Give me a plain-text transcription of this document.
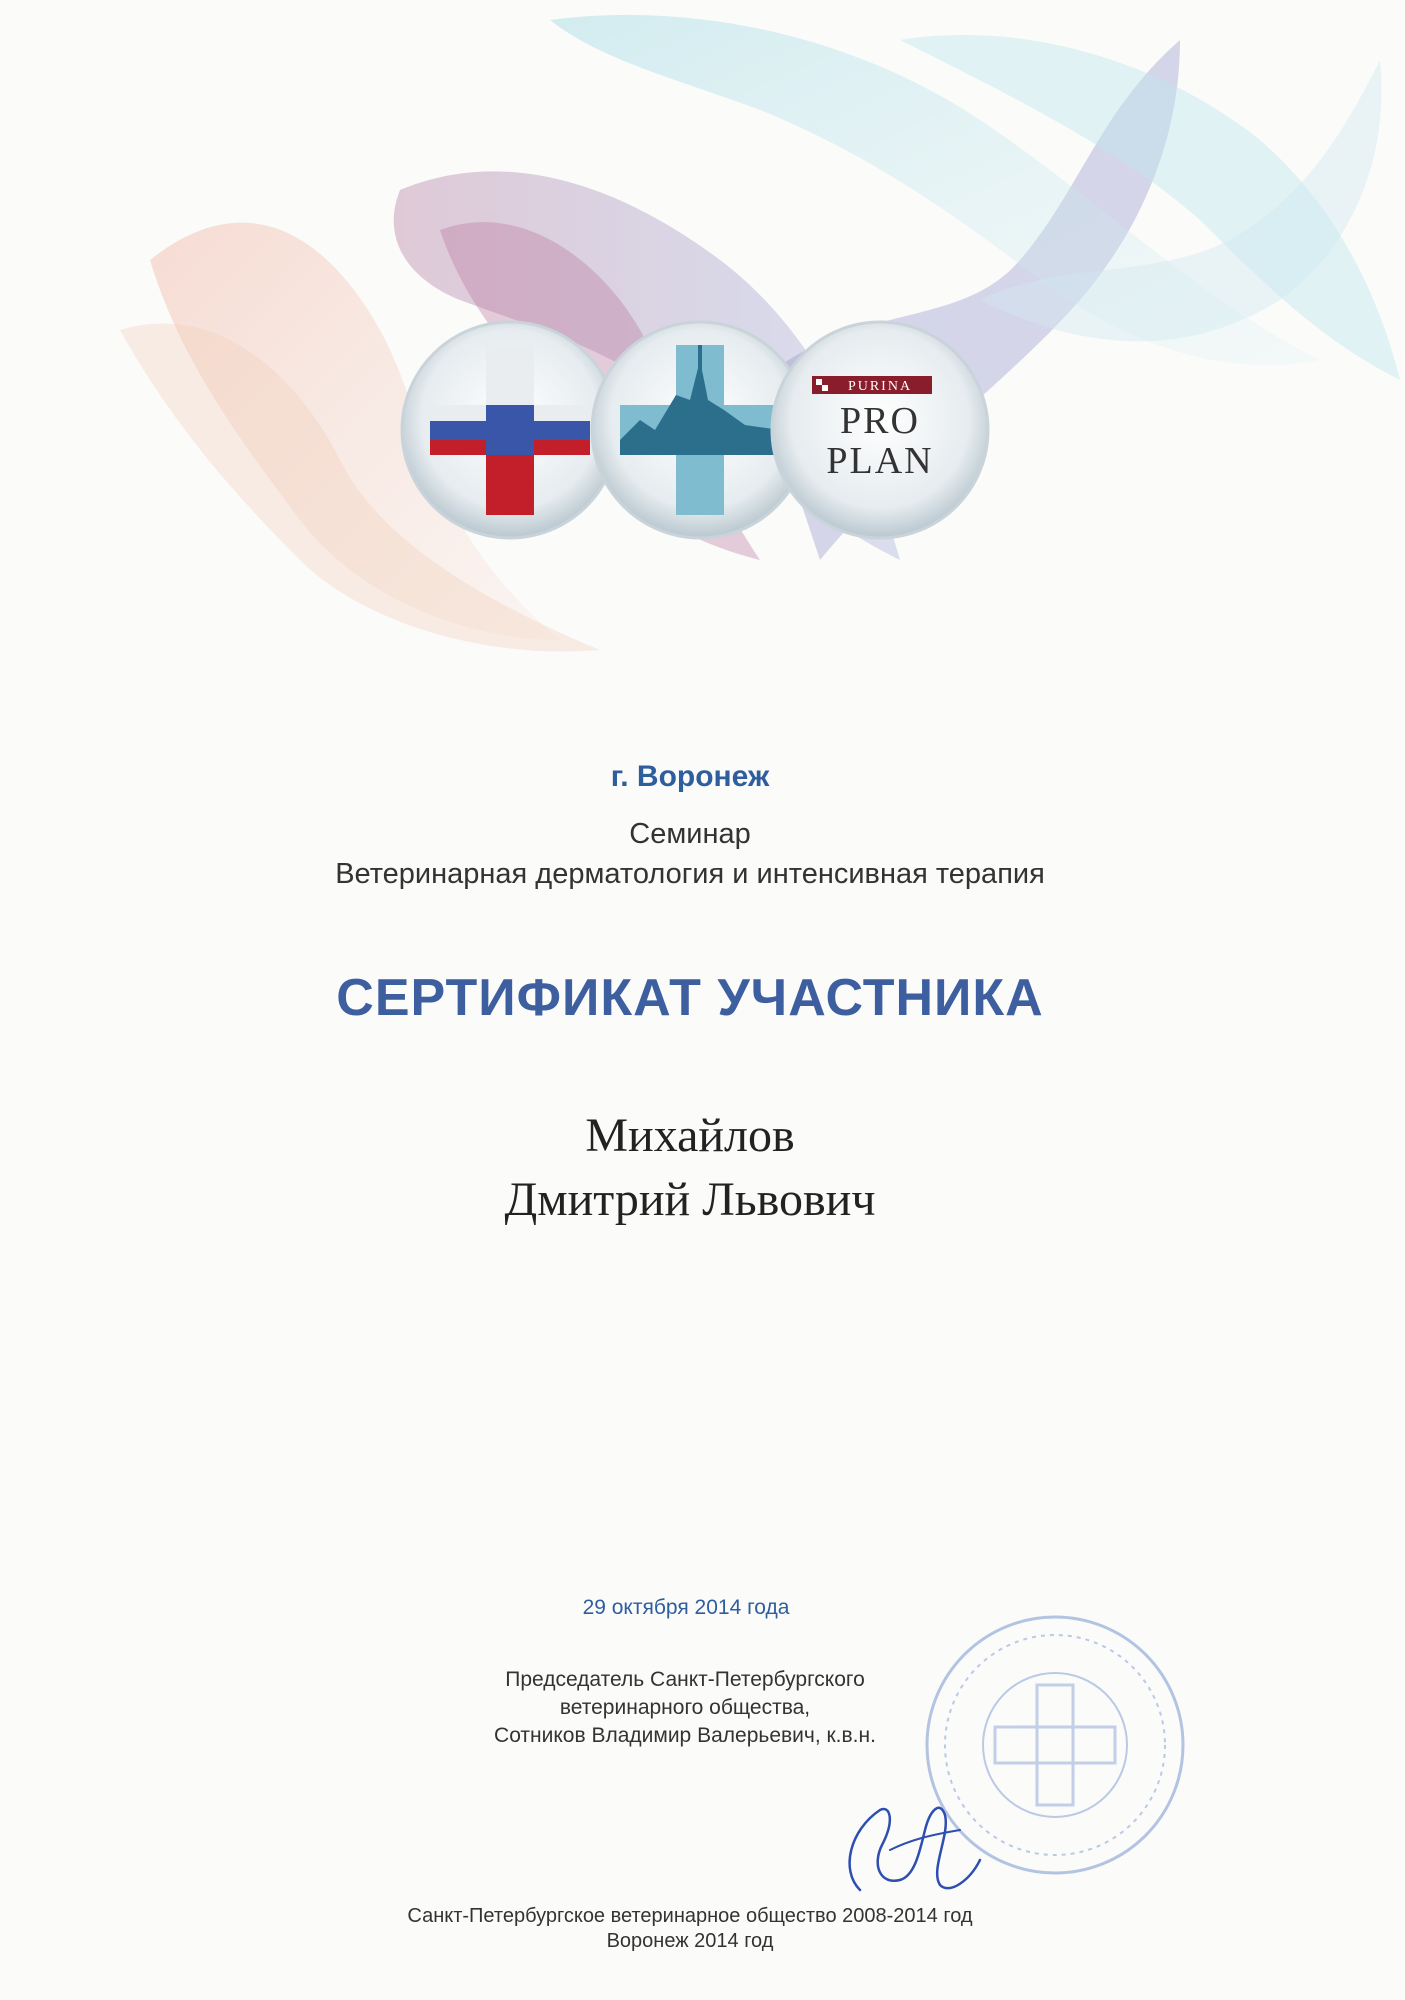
PURINA
PRO
PLAN
г. Воронеж
Семинар
Ветеринарная дерматология и интенсивная терапия
СЕРТИФИКАТ УЧАСТНИКА
Михайлов
Дмитрий Львович
29 октября 2014 года
Председатель Санкт-Петербургского
ветеринарного общества,
Сотников Владимир Валерьевич, к.в.н.
Санкт-Петербургское ветеринарное общество 2008-2014 год
Воронеж 2014 год
